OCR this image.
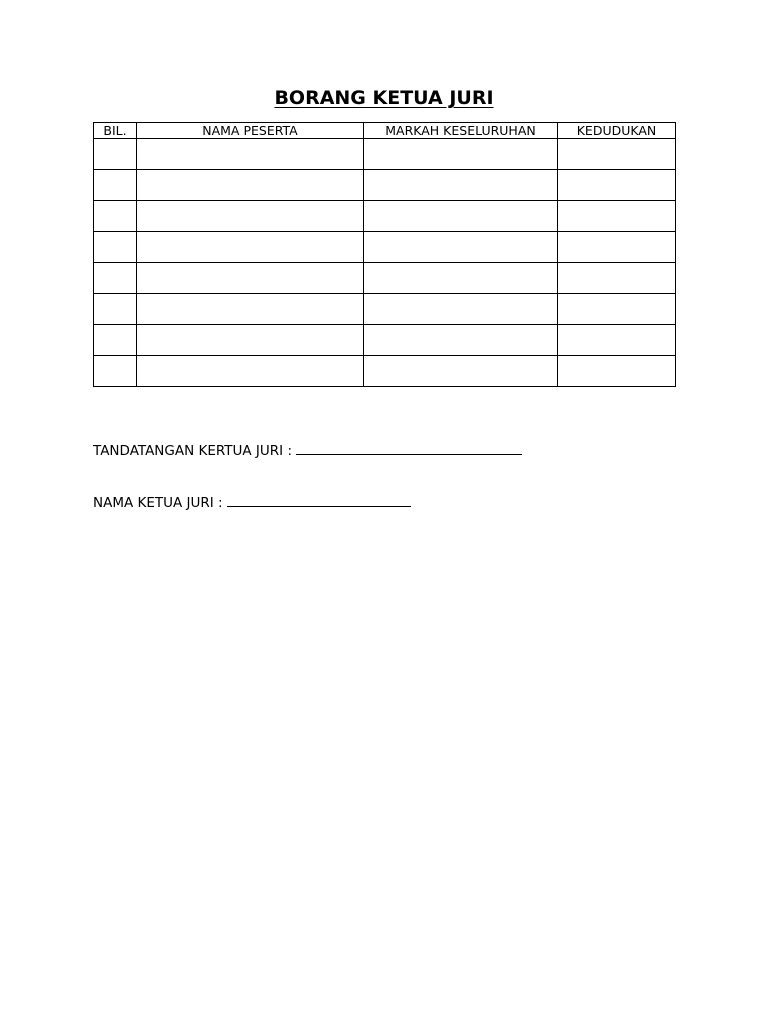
BORANG KETUA JURI
BIL.	NAMA PESERTA	MARKAH KESELURUHAN	KEDUDUKAN

TANDATANGAN KERTUA JURI :

NAMA KETUA JURI :
